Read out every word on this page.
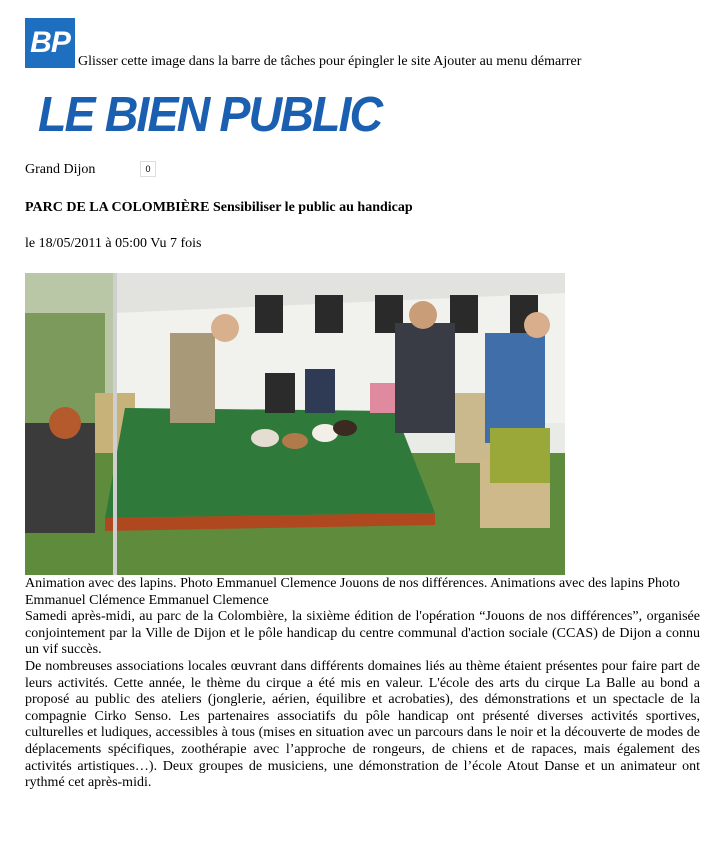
BP
Glisser cette image dans la barre de tâches pour épingler le site Ajouter au menu démarrer
LE BIEN PUBLIC
Grand Dijon	0
PARC DE LA COLOMBIÈRE Sensibiliser le public au handicap
le 18/05/2011 à 05:00 Vu 7 fois

Animation avec des lapins. Photo Emmanuel Clemence Jouons de nos différences. Animations avec des lapins Photo Emmanuel Clémence Emmanuel Clemence

Samedi après-midi, au parc de la Colombière, la sixième édition de l'opération “Jouons de nos différences”, organisée conjointement par la Ville de Dijon et le pôle handicap du centre communal d'action sociale (CCAS) de Dijon a connu un vif succès.

De nombreuses associations locales œuvrant dans différents domaines liés au thème étaient présentes pour faire part de leurs activités. Cette année, le thème du cirque a été mis en valeur. L'école des arts du cirque La Balle au bond a proposé au public des ateliers (jonglerie, aérien, équilibre et acrobaties), des démonstrations et un spectacle de la compagnie Cirko Senso. Les partenaires associatifs du pôle handicap ont présenté diverses activités sportives, culturelles et ludiques, accessibles à tous (mises en situation avec un parcours dans le noir et la découverte de modes de déplacements spécifiques, zoothérapie avec l’approche de rongeurs, de chiens et de rapaces, mais également des activités artistiques…). Deux groupes de musiciens, une démonstration de l’école Atout Danse et un animateur ont rythmé cet après-midi.
